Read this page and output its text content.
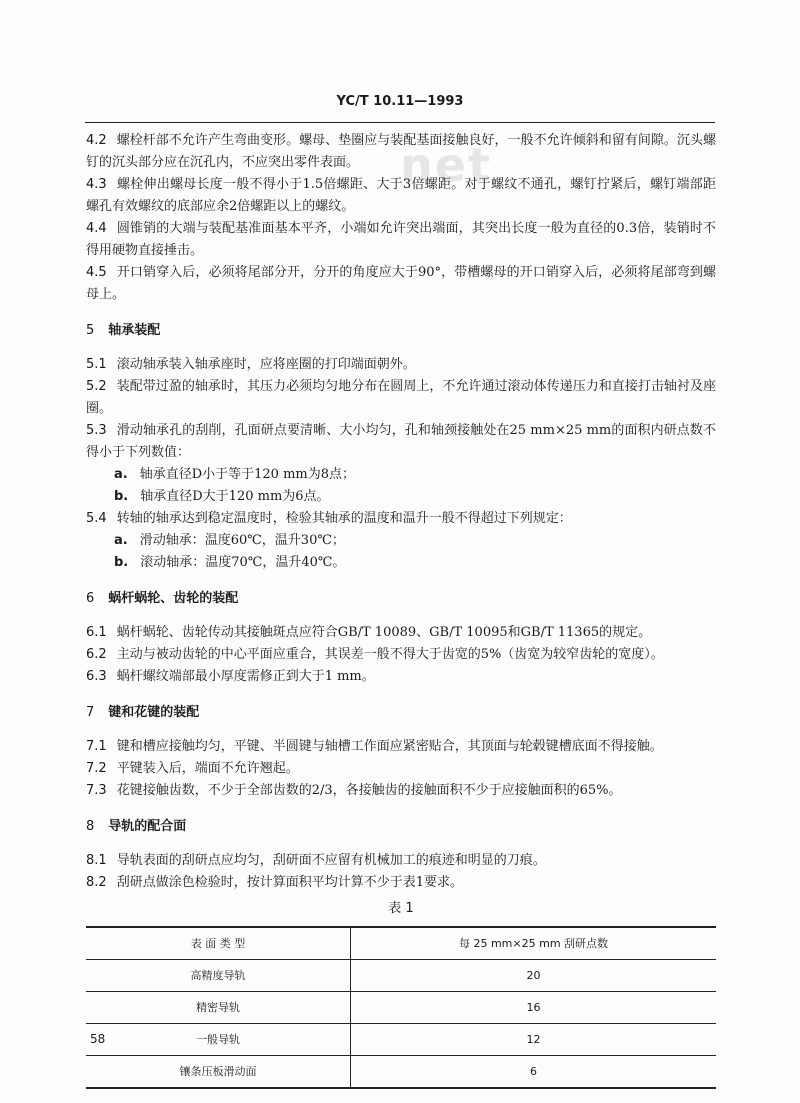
YC/T 10.11—1993
net

4.2 螺栓杆部不允许产生弯曲变形。螺母、垫圈应与装配基面接触良好，一般不允许倾斜和留有间隙。沉头螺钉的沉头部分应在沉孔内，不应突出零件表面。

4.3 螺栓伸出螺母长度一般不得小于1.5倍螺距、大于3倍螺距。对于螺纹不通孔，螺钉拧紧后，螺钉端部距螺孔有效螺纹的底部应余2倍螺距以上的螺纹。

4.4 圆锥销的大端与装配基准面基本平齐，小端如允许突出端面，其突出长度一般为直径的0.3倍，装销时不得用硬物直接捶击。

4.5 开口销穿入后，必须将尾部分开，分开的角度应大于90°，带槽螺母的开口销穿入后，必须将尾部弯到螺母上。

5 轴承装配

5.1 滚动轴承装入轴承座时，应将座圈的打印端面朝外。

5.2 装配带过盈的轴承时，其压力必须均匀地分布在圆周上，不允许通过滚动体传递压力和直接打击轴衬及座圈。

5.3 滑动轴承孔的刮削，孔面研点要清晰、大小均匀，孔和轴颈接触处在25 mm×25 mm的面积内研点数不得小于下列数值：

a. 轴承直径D小于等于120 mm为8点；

b. 轴承直径D大于120 mm为6点。

5.4 转轴的轴承达到稳定温度时，检验其轴承的温度和温升一般不得超过下列规定：

a. 滑动轴承：温度60℃，温升30℃；

b. 滚动轴承：温度70℃，温升40℃。

6 蜗杆蜗轮、齿轮的装配

6.1 蜗杆蜗轮、齿轮传动其接触斑点应符合GB/T 10089、GB/T 10095和GB/T 11365的规定。

6.2 主动与被动齿轮的中心平面应重合，其误差一般不得大于齿宽的5%（齿宽为较窄齿轮的宽度）。

6.3 蜗杆螺纹端部最小厚度需修正到大于1 mm。

7 键和花键的装配

7.1 键和槽应接触均匀，平键、半圆键与轴槽工作面应紧密贴合，其顶面与轮毂键槽底面不得接触。

7.2 平键装入后，端面不允许翘起。

7.3 花键接触齿数，不少于全部齿数的2/3，各接触齿的接触面积不少于应接触面积的65%。

8 导轨的配合面

8.1 导轨表面的刮研点应均匀，刮研面不应留有机械加工的痕迹和明显的刀痕。

8.2 刮研点做涂色检验时，按计算面积平均计算不少于表1要求。

表 1
表 面 类 型	每 25 mm×25 mm 刮研点数
高精度导轨	20
精密导轨	16
一般导轨	12
镶条压板滑动面	6
58
